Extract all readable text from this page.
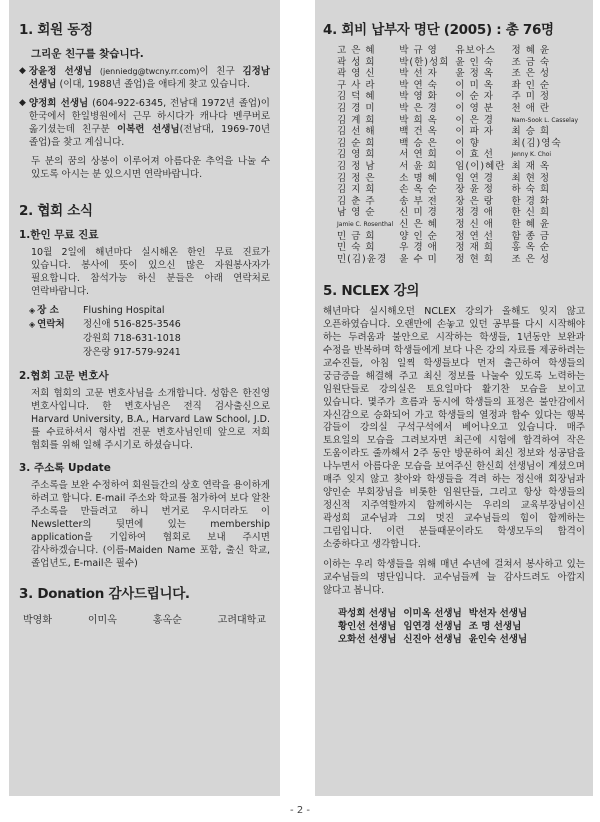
1. 회원 동정
그리운 친구를 찾습니다.
◆ 장윤정 선생님 (jenniedg@twcny.rr.com)이 친구 김정남 선생님 (이대, 1988년 졸업)을 애타게 찾고 있습니다.
◆ 양정희 선생님 (604-922-6345, 전남대 1972년 졸업)이 한국에서 한일병원에서 근무 하시다가 캐나다 벤쿠버로 옮기셨는데 친구분 이복련 선생님(전남대, 1969-70년 졸업)을 찾고 계십니다.
두 분의 꿈의 상봉이 이루어져 아름다운 추억을 나눌 수 있도록 아시는 분 있으시면 연락바랍니다.
2. 협회 소식
1.한인 무료 진료
10월 2일에 해년마다 실시해온 한인 무료 진료가 있습니다. 봉사에 뜻이 있으신 많은 자원봉사자가 필요합니다. 참석가능 하신 분들은 아래 연락처로 연락바랍니다.
◈ 장 소	Flushing Hospital
◈ 연락처	정신애 516-825-3546
강원희 718-631-1018
장은랑 917-579-9241
2.협회 고문 변호사
저희 협회의 고문 변호사님을 소개합니다. 성함은 한진영 변호사입니다. 한 변호사님은 전직 검사출신으로 Harvard University, B.A., Harvard Law School, J.D.를 수료하셔서 형사법 전문 변호사님인데 앞으로 저희 협회를 위해 일해 주시기로 하셨습니다.
3. 주소록 Update
주소록을 보완 수정하여 회원들간의 상호 연락을 용이하게 하려고 합니다. E-mail 주소와 학교를 첨가하여 보다 알찬 주소록을 만들려고 하니 번거로 우시더라도 이 Newsletter의 뒷면에 있는 membership application을 기입하여 협회로 보내 주시면 감사하겠습니다. (이름-Maiden Name 포함, 출신 학교, 졸업년도, E-mail은 필수)
3. Donation 감사드립니다.
박영화	이미옥	홍옥순	고려대학교
4. 회비 납부자 명단 (2005) : 총 76명
고 은 혜	박 규 영	유보아스	정 혜 윤
곽 성 희	박(한)성희	윤 인 숙	조 금 숙
곽 영 신	박 선 자	윤 정 옥	조 은 성
구 사 라	박 연 숙	이 미 옥	좌 인 순
김 덕 혜	박 영 화	이 순 자	주 미 정
김 경 미	박 은 경	이 영 분	천 애 란
김 계 희	박 희 옥	이 은 경	Nam-Sook L. Casselay
김 선 해	백 건 옥	이 파 자	최 승 희
김 순 희	백 승 은	이 향	최(김)영숙
김 영 희	서 연 희	이 효 선	Jenny K. Choi
김 정 남	서 윤 희	임(이)혜란	최 재 옥
김 정 은	소 명 혜	임 연 경	최 현 정
김 지 희	손 옥 순	장 윤 정	하 숙 희
김 춘 주	송 부 전	장 은 랑	한 경 화
남 영 순	신 미 경	정 경 애	한 신 희
Jamie C. Rosenthal	신 은 혜	정 신 애	한 혜 윤
민 금 희	양 인 순	정 연 선	함 종 금
민 숙 희	우 경 애	정 재 희	홍 옥 순
민(김)윤경	윤 수 미	정 현 희	조 은 성
5. NCLEX 강의
해년마다 실시해오던 NCLEX 강의가 올해도 잊지 않고 오픈하였습니다. 오랜만에 손놓고 있던 공부를 다시 시작해야 하는 두려움과 불안으로 시작하는 학생들, 1년동안 보완과 수정을 반복하며 학생들에게 보다 나은 강의 자료를 제공하려는 교수진들, 아침 일찍 학생들보다 먼저 출근하여 학생들의 궁금증을 해결해 주고 최신 정보를 나눌수 있도록 노력하는 임원단들로 강의실은 토요일마다 활기찬 모습을 보이고 있습니다. 몇주가 흐름과 동시에 학생들의 표정은 불안감에서 자신감으로 승화되어 가고 학생들의 열정과 합수 있다는 행복 감들이 강의실 구석구석에서 베어나오고 있습니다. 매주 토요일의 모습을 그려보자면 최근에 시험에 합격하여 작은 도움이라도 줄까해서 2주 동안 방문하여 최신 정보와 성공담을 나누면서 아름다운 모습을 보여주신 한신희 선생님이 계셨으며 매주 잊지 않고 찾아와 학생들을 격려 하는 정신애 회장님과 양인순 부회장님을 비롯한 임원단들, 그리고 항상 학생들의 정신적 지주역할까지 함께하시는 우리의 교육부장님이신 곽성희 교수님과 그외 멋진 교수님들의 힘이 함께하는 그림입니다. 이런 분들때문이라도 학생모두의 합격이 소중하다고 생각합니다.
이하는 우리 학생들을 위해 매년 수년에 걸쳐서 봉사하고 있는 교수님들의 명단입니다. 교수님들께 늘 감사드려도 아깝지 않다고 봅니다.
곽성희 선생님	이미옥 선생님	박선자 선생님
황인선 선생님	임연경 선생님	조 명 선생님
오화선 선생님	신진아 선생님	윤인숙 선생님
- 2 -
